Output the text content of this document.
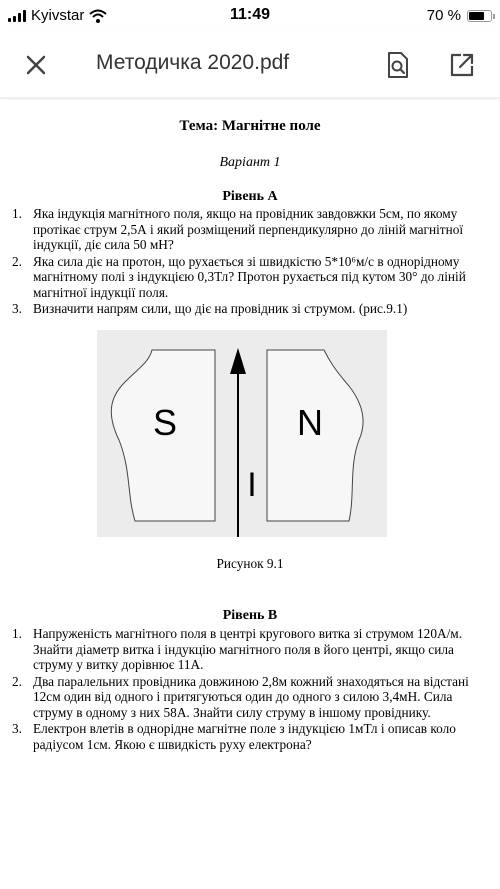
Kyivstar	11:49	70 %
Методичка 2020.pdf
Тема: Магнітне поле
Варіант 1
Рівень А
1. Яка індукція магнітного поля, якщо на провідник завдовжки 5см, по якому протікає струм 2,5А і який розміщений перпендикулярно до ліній магнітної індукції, діє сила 50 мН?
2. Яка сила діє на протон, що рухається зі швидкістю 5*10⁶м/с в однорідному магнітному полі з індукцією 0,3Тл? Протон рухається під кутом 30° до ліній магнітної індукції поля.
3. Визначити напрям сили, що діє на провідник зі струмом. (рис.9.1)
S	N
I
Рисунок 9.1
Рівень В
1. Напруженість магнітного поля в центрі кругового витка зі струмом 120А/м. Знайти діаметр витка і індукцію магнітного поля в його центрі, якщо сила струму у витку дорівнює 11А.
2. Два паралельних провідника довжиною 2,8м кожний знаходяться на відстані 12см один від одного і притягуються один до одного з силою 3,4мН. Сила струму в одному з них 58А. Знайти силу струму в іншому провіднику.
3. Електрон влетів в однорідне магнітне поле з індукцією 1мТл і описав коло радіусом 1см. Якою є швидкість руху електрона?
